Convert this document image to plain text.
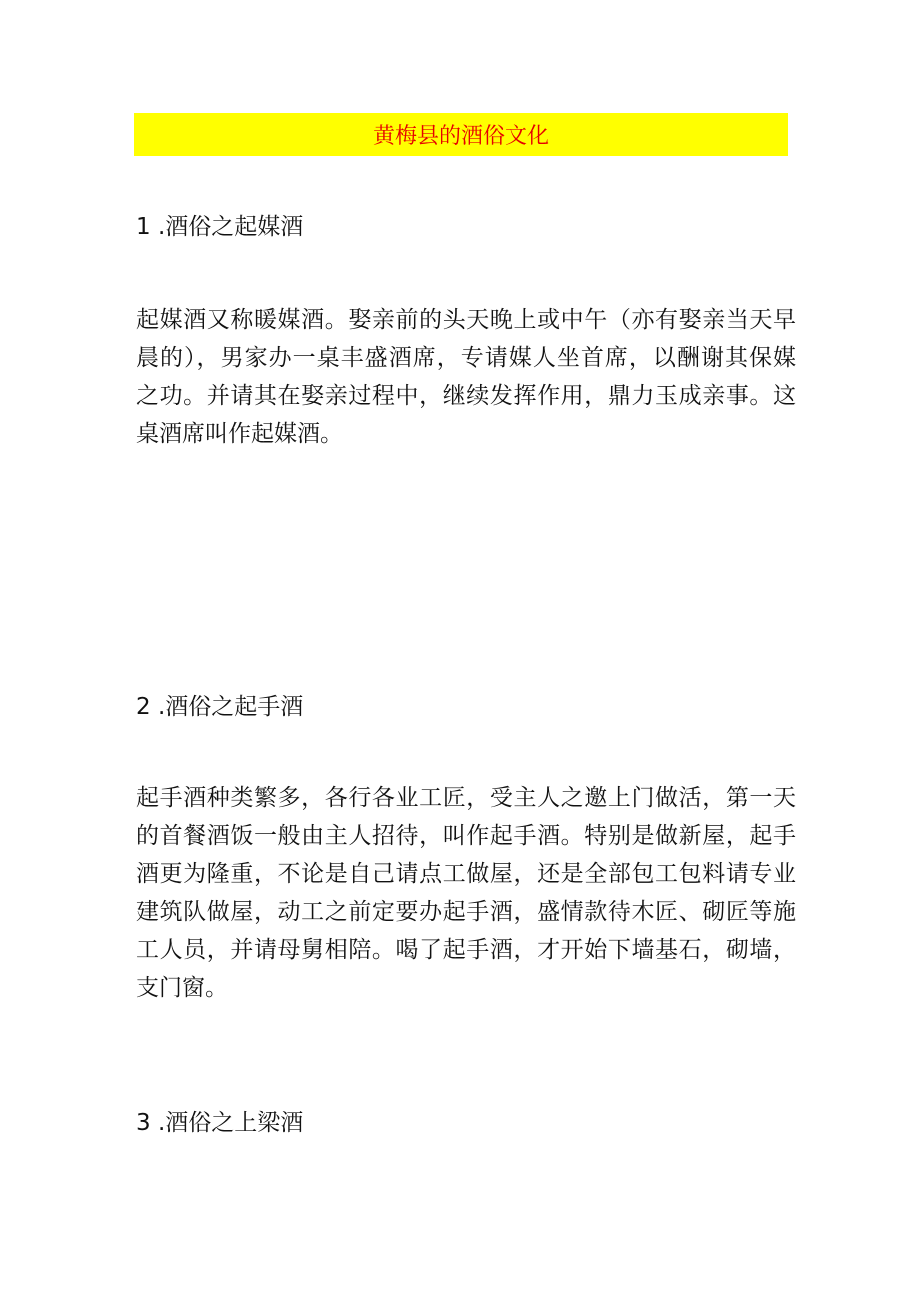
黄梅县的酒俗文化
1 .酒俗之起媒酒
起媒酒又称暖媒酒。娶亲前的头天晚上或中午（亦有娶亲当天早
晨的），男家办一桌丰盛酒席，专请媒人坐首席，以酬谢其保媒
之功。并请其在娶亲过程中，继续发挥作用，鼎力玉成亲事。这
桌酒席叫作起媒酒。
2 .酒俗之起手酒
起手酒种类繁多，各行各业工匠，受主人之邀上门做活，第一天
的首餐酒饭一般由主人招待，叫作起手酒。特别是做新屋，起手
酒更为隆重，不论是自己请点工做屋，还是全部包工包料请专业
建筑队做屋，动工之前定要办起手酒，盛情款待木匠、砌匠等施
工人员，并请母舅相陪。喝了起手酒，才开始下墙基石，砌墙，
支门窗。
3 .酒俗之上梁酒
